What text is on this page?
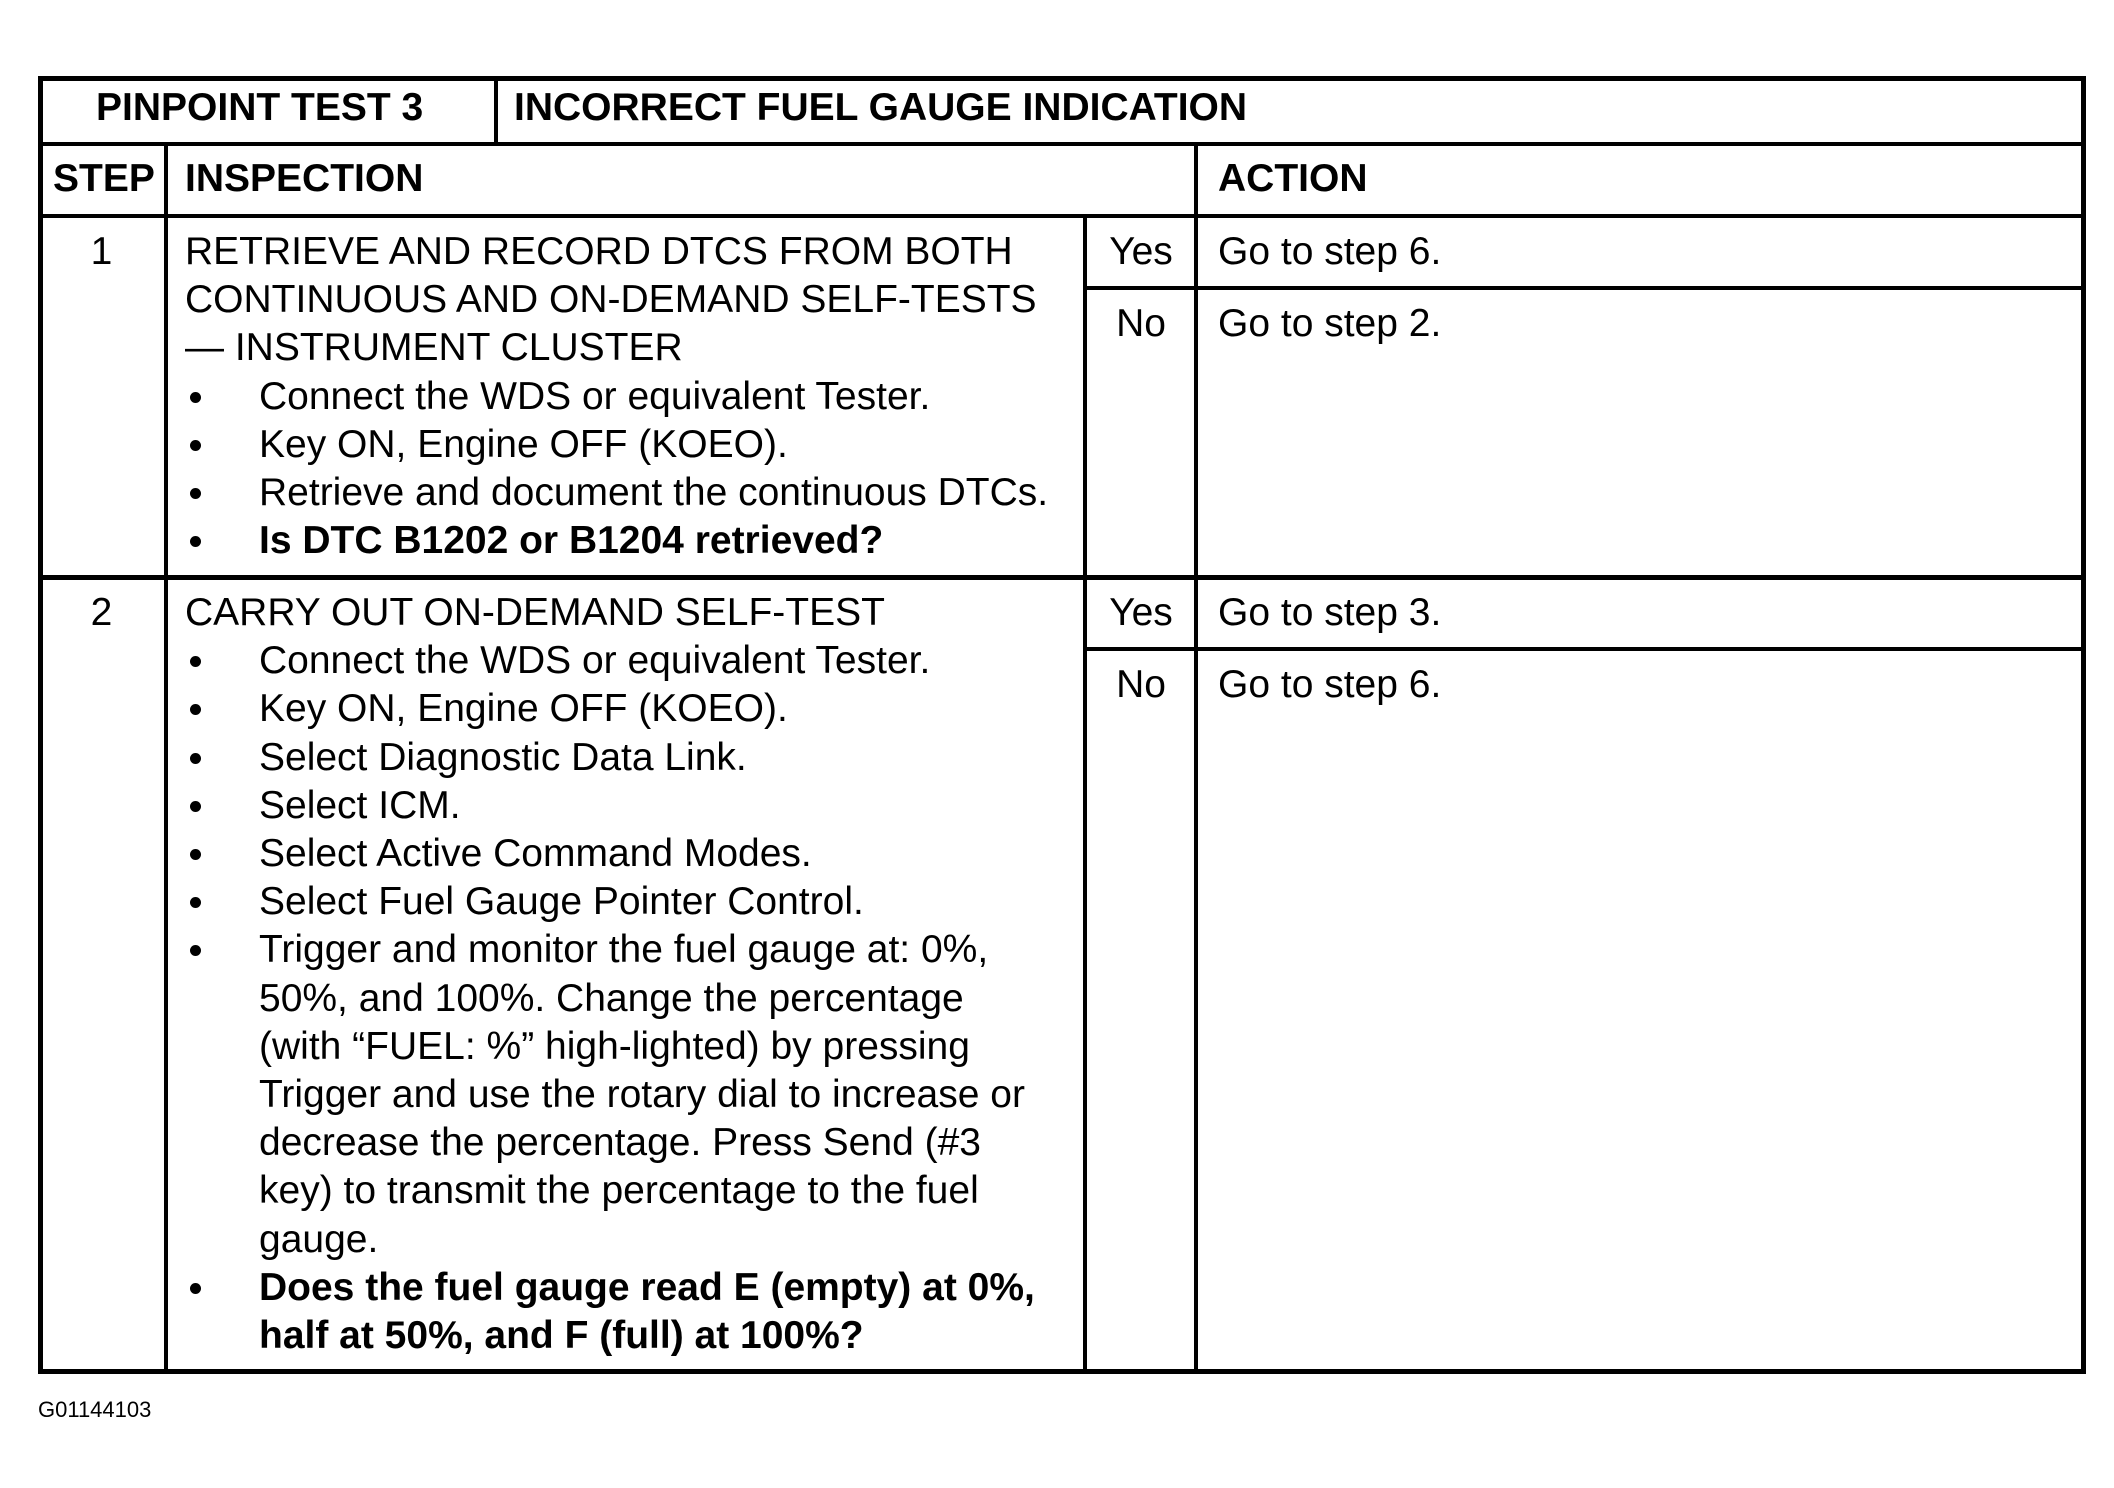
PINPOINT TEST 3 INCORRECT FUEL GAUGE INDICATION
STEP INSPECTION	ACTION
1	RETRIEVE AND RECORD DTCS FROM BOTH
CONTINUOUS AND ON-DEMAND SELF-TESTS
— INSTRUMENT CLUSTER
Connect the WDS or equivalent Tester.
Key ON, Engine OFF (KOEO).
Retrieve and document the continuous DTCs.
Is DTC B1202 or B1204 retrieved?
Yes	Go to step 6.
No	Go to step 2.
2	CARRY OUT ON-DEMAND SELF-TEST
Connect the WDS or equivalent Tester.
Key ON, Engine OFF (KOEO).
Select Diagnostic Data Link.
Select ICM.
Select Active Command Modes.
Select Fuel Gauge Pointer Control.
Trigger and monitor the fuel gauge at: 0%,
50%, and 100%. Change the percentage
(with “FUEL: %” high-lighted) by pressing
Trigger and use the rotary dial to increase or
decrease the percentage. Press Send (#3
key) to transmit the percentage to the fuel
gauge.
Does the fuel gauge read E (empty) at 0%,
half at 50%, and F (full) at 100%?
Yes	Go to step 3.
No	Go to step 6.
G01144103
